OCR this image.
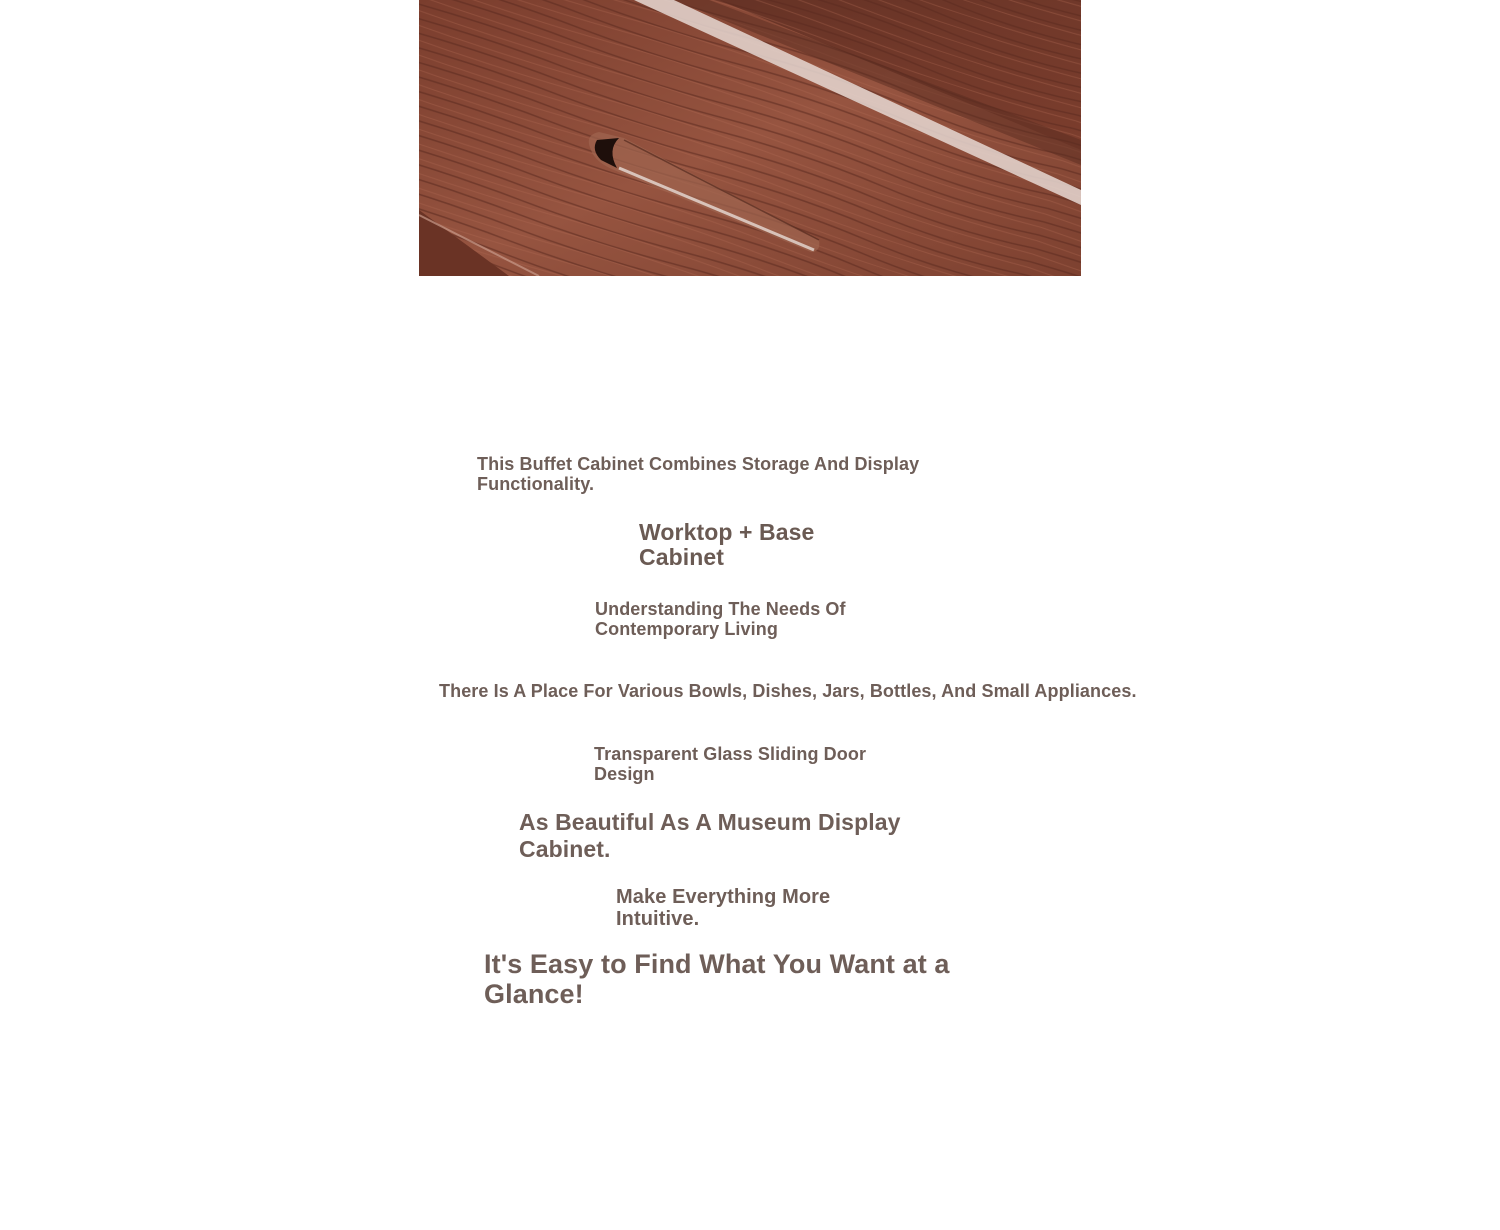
This Buffet Cabinet Combines Storage And Display Functionality.
Worktop + Base Cabinet
Understanding The Needs Of Contemporary Living
There Is A Place For Various Bowls, Dishes, Jars, Bottles, And Small Appliances.
Transparent Glass Sliding Door Design
As Beautiful As A Museum Display Cabinet.
Make Everything More Intuitive.
It's Easy to Find What You Want at a Glance!
